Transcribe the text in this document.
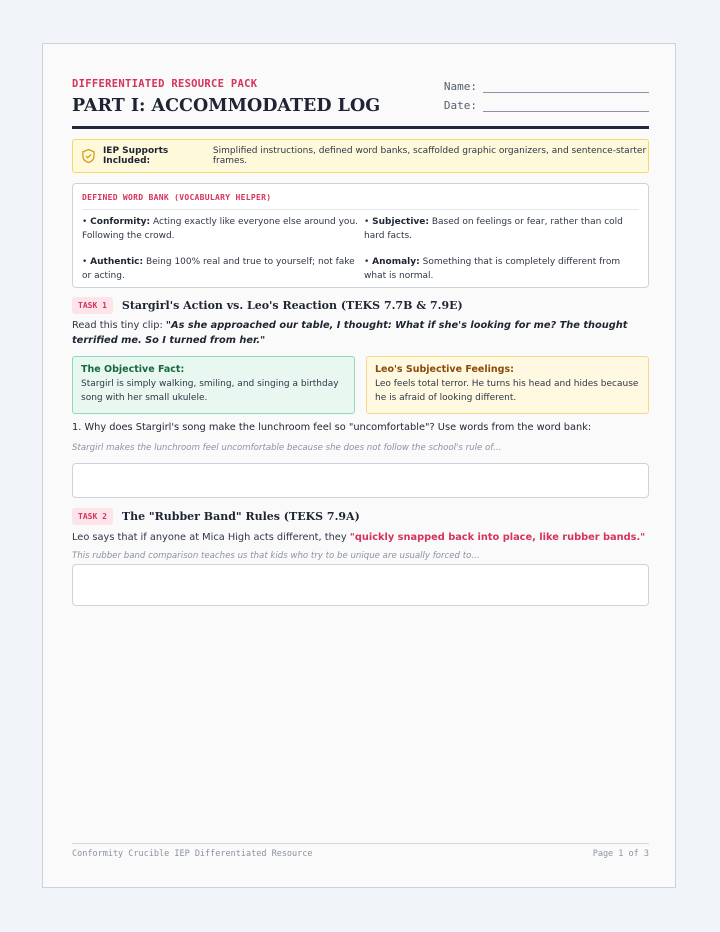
DIFFERENTIATED RESOURCE PACK
PART I: ACCOMMODATED LOG
Name:
Date:
IEP Supports Included:
Simplified instructions, defined word banks, scaffolded graphic organizers, and sentence-starter frames.
DEFINED WORD BANK (VOCABULARY HELPER)
• Conformity: Acting exactly like everyone else around you. Following the crowd.
• Subjective: Based on feelings or fear, rather than cold hard facts.
• Authentic: Being 100% real and true to yourself; not fake or acting.
• Anomaly: Something that is completely different from what is normal.
TASK 1	Stargirl's Action vs. Leo's Reaction (TEKS 7.7B & 7.9E)
Read this tiny clip: "As she approached our table, I thought: What if she's looking for me? The thought terrified me. So I turned from her."
The Objective Fact:
Stargirl is simply walking, smiling, and singing a birthday song with her small ukulele.
Leo's Subjective Feelings:
Leo feels total terror. He turns his head and hides because he is afraid of looking different.
1. Why does Stargirl's song make the lunchroom feel so "uncomfortable"? Use words from the word bank:
Stargirl makes the lunchroom feel uncomfortable because she does not follow the school's rule of...
TASK 2	The "Rubber Band" Rules (TEKS 7.9A)
Leo says that if anyone at Mica High acts different, they "quickly snapped back into place, like rubber bands."
This rubber band comparison teaches us that kids who try to be unique are usually forced to...
Conformity Crucible IEP Differentiated Resource	Page 1 of 3
